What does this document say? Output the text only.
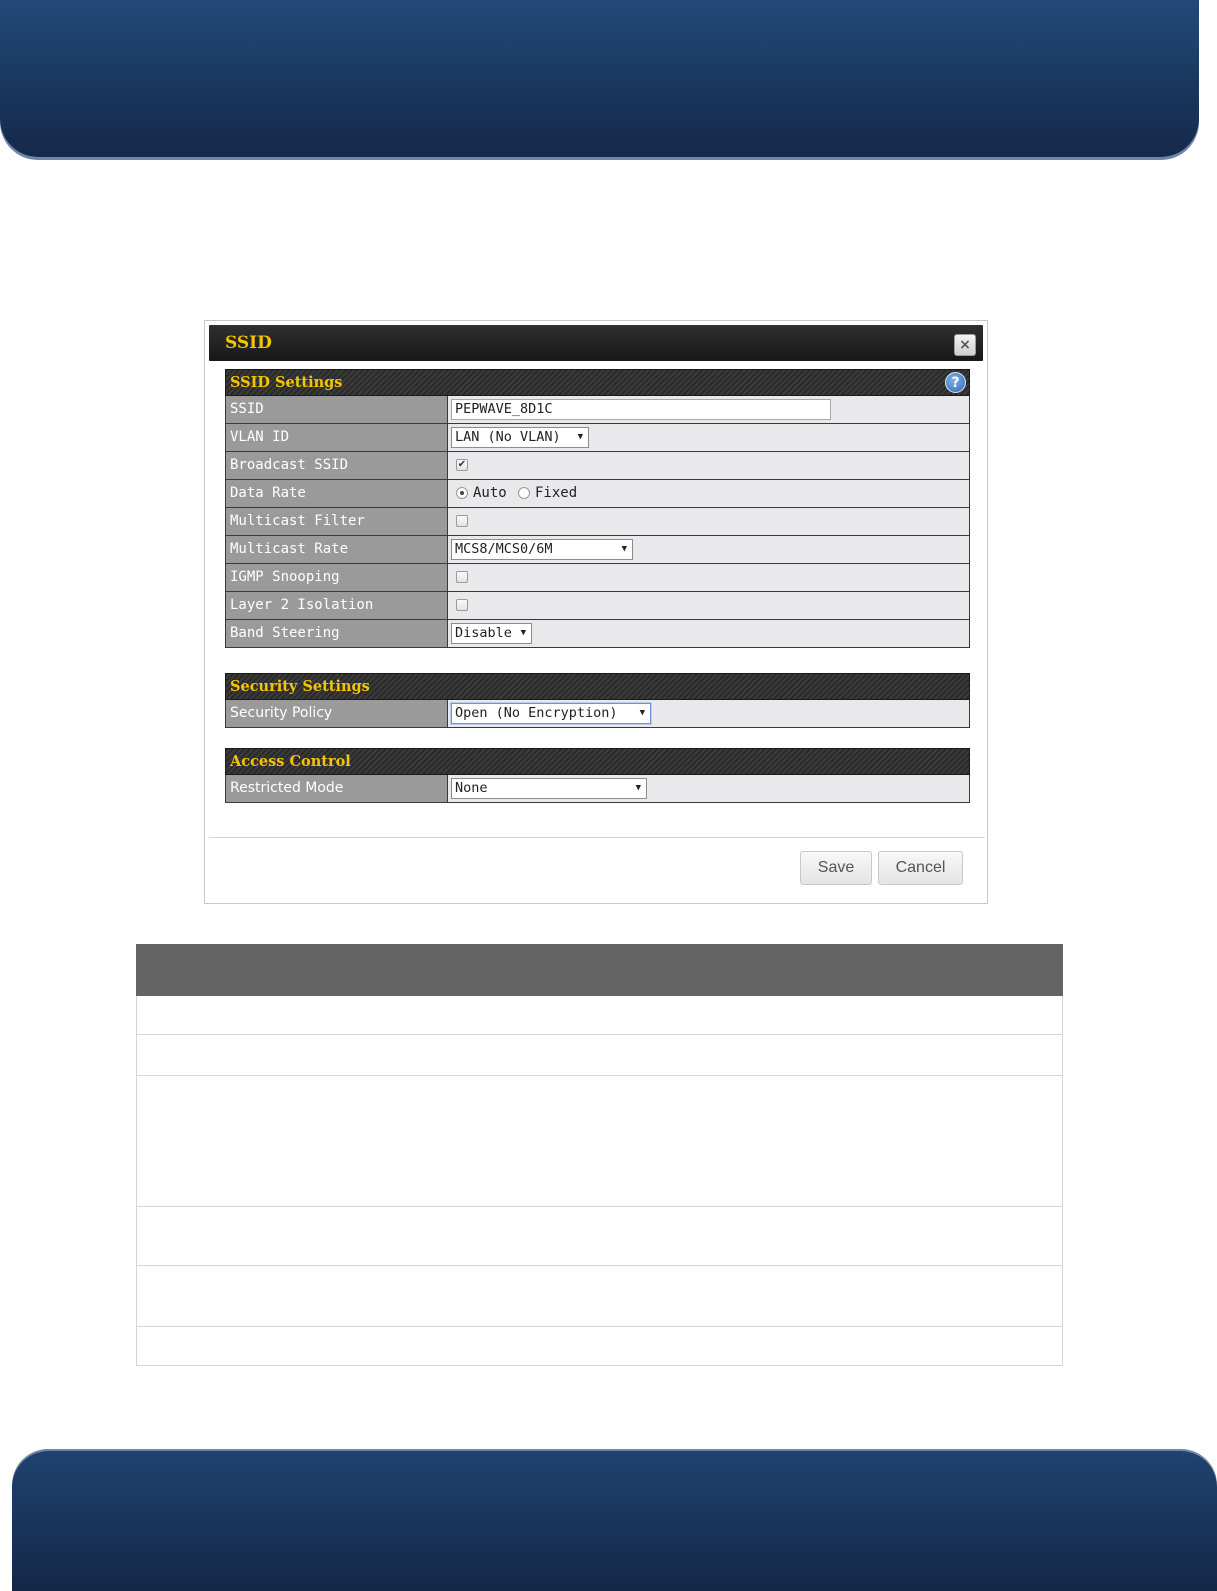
SSID	×
SSID Settings	?
SSID	PEPWAVE_8D1C
VLAN ID	LAN (No VLAN) ▼
Broadcast SSID	✔
Data Rate	Auto Fixed
Multicast Filter
Multicast Rate	MCS8/MCS0/6M	▼
IGMP Snooping
Layer 2 Isolation
Band Steering	Disable ▼
Security Settings
Security Policy	Open (No Encryption) ▼
Access Control
Restricted Mode	None	▼
Save	Cancel
